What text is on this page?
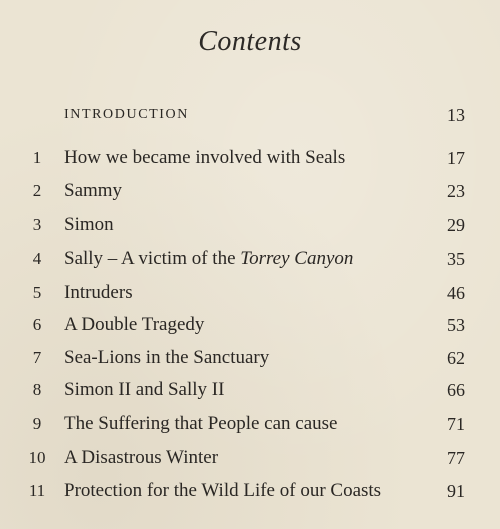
Contents
INTRODUCTION	13
1	How we became involved with Seals	17
2	Sammy	23
3	Simon	29
4	Sally – A victim of the Torrey Canyon	35
5	Intruders	46
6	A Double Tragedy	53
7	Sea-Lions in the Sanctuary	62
8	Simon II and Sally II	66
9	The Suffering that People can cause	71
10 A Disastrous Winter	77
11 Protection for the Wild Life of our Coasts	91
